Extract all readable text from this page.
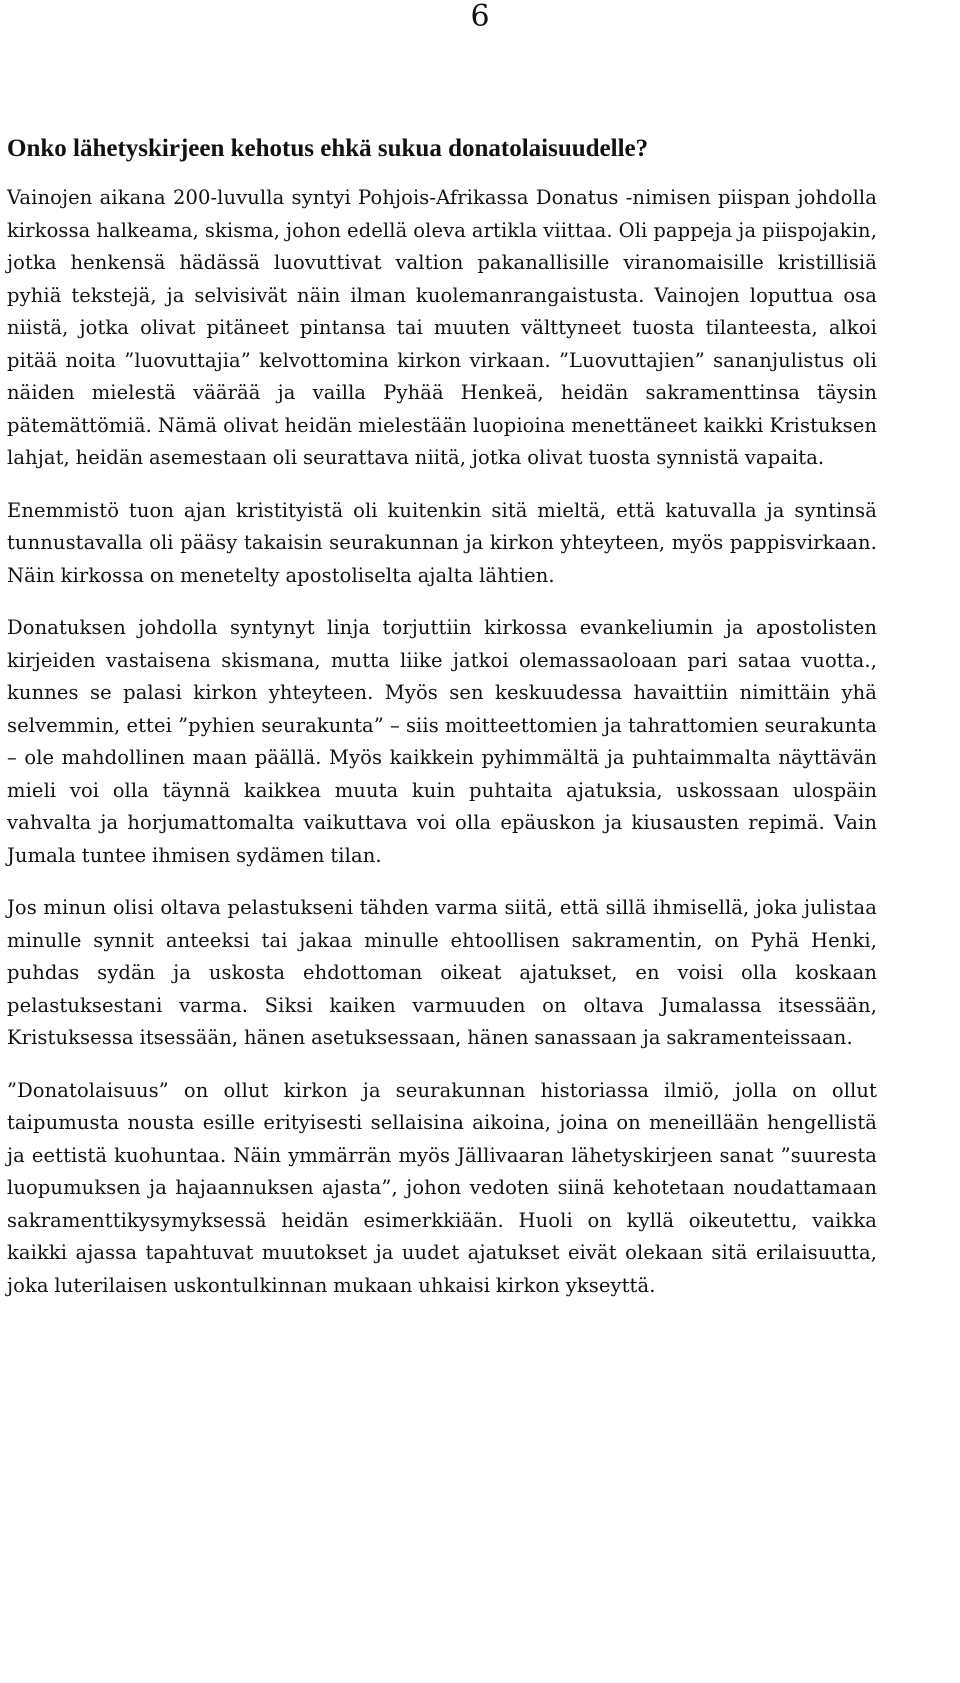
6
Onko lähetyskirjeen kehotus ehkä sukua donatolaisuudelle?

Vainojen aikana 200-luvulla syntyi Pohjois-Afrikassa Donatus -nimisen piispan johdolla kirkossa halkeama, skisma, johon edellä oleva artikla viittaa. Oli pappeja ja piispojakin, jotka henkensä hädässä luovuttivat valtion pakanallisille viranomaisille kristillisiä pyhiä tekstejä, ja selvisivät näin ilman kuolemanrangaistusta. Vainojen loputtua osa niistä, jotka olivat pitäneet pintansa tai muuten välttyneet tuosta tilanteesta, alkoi pitää noita ”luovuttajia” kelvottomina kirkon virkaan. ”Luovuttajien” sananjulistus oli näiden mielestä väärää ja vailla Pyhää Henkeä, heidän sakramenttinsa täysin pätemättömiä. Nämä olivat heidän mielestään luopioina menettäneet kaikki Kristuksen lahjat, heidän asemestaan oli seurattava niitä, jotka olivat tuosta synnistä vapaita.

Enemmistö tuon ajan kristityistä oli kuitenkin sitä mieltä, että katuvalla ja syntinsä tunnustavalla oli pääsy takaisin seurakunnan ja kirkon yhteyteen, myös pappisvirkaan. Näin kirkossa on menetelty apostoliselta ajalta lähtien.

Donatuksen johdolla syntynyt linja torjuttiin kirkossa evankeliumin ja apostolisten kirjeiden vastaisena skismana, mutta liike jatkoi olemassaoloaan pari sataa vuotta., kunnes se palasi kirkon yhteyteen. Myös sen keskuudessa havaittiin nimittäin yhä selvemmin, ettei ”pyhien seurakunta” – siis moitteettomien ja tahrattomien seurakunta – ole mahdollinen maan päällä. Myös kaikkein pyhimmältä ja puhtaimmalta näyttävän mieli voi olla täynnä kaikkea muuta kuin puhtaita ajatuksia, uskossaan ulospäin vahvalta ja horjumattomalta vaikuttava voi olla epäuskon ja kiusausten repimä. Vain Jumala tuntee ihmisen sydämen tilan.

Jos minun olisi oltava pelastukseni tähden varma siitä, että sillä ihmisellä, joka julistaa minulle synnit anteeksi tai jakaa minulle ehtoollisen sakramentin, on Pyhä Henki, puhdas sydän ja uskosta ehdottoman oikeat ajatukset, en voisi olla koskaan pelastuksestani varma. Siksi kaiken varmuuden on oltava Jumalassa itsessään, Kristuksessa itsessään, hänen asetuksessaan, hänen sanassaan ja sakramenteissaan.

”Donatolaisuus” on ollut kirkon ja seurakunnan historiassa ilmiö, jolla on ollut taipumusta nousta esille erityisesti sellaisina aikoina, joina on meneillään hengellistä ja eettistä kuohuntaa. Näin ymmärrän myös Jällivaaran lähetyskirjeen sanat ”suuresta luopumuksen ja hajaannuksen ajasta”, johon vedoten siinä kehotetaan noudattamaan sakramenttikysymyksessä heidän esimerkkiään. Huoli on kyllä oikeutettu, vaikka kaikki ajassa tapahtuvat muutokset ja uudet ajatukset eivät olekaan sitä erilaisuutta, joka luterilaisen uskontulkinnan mukaan uhkaisi kirkon ykseyttä.
